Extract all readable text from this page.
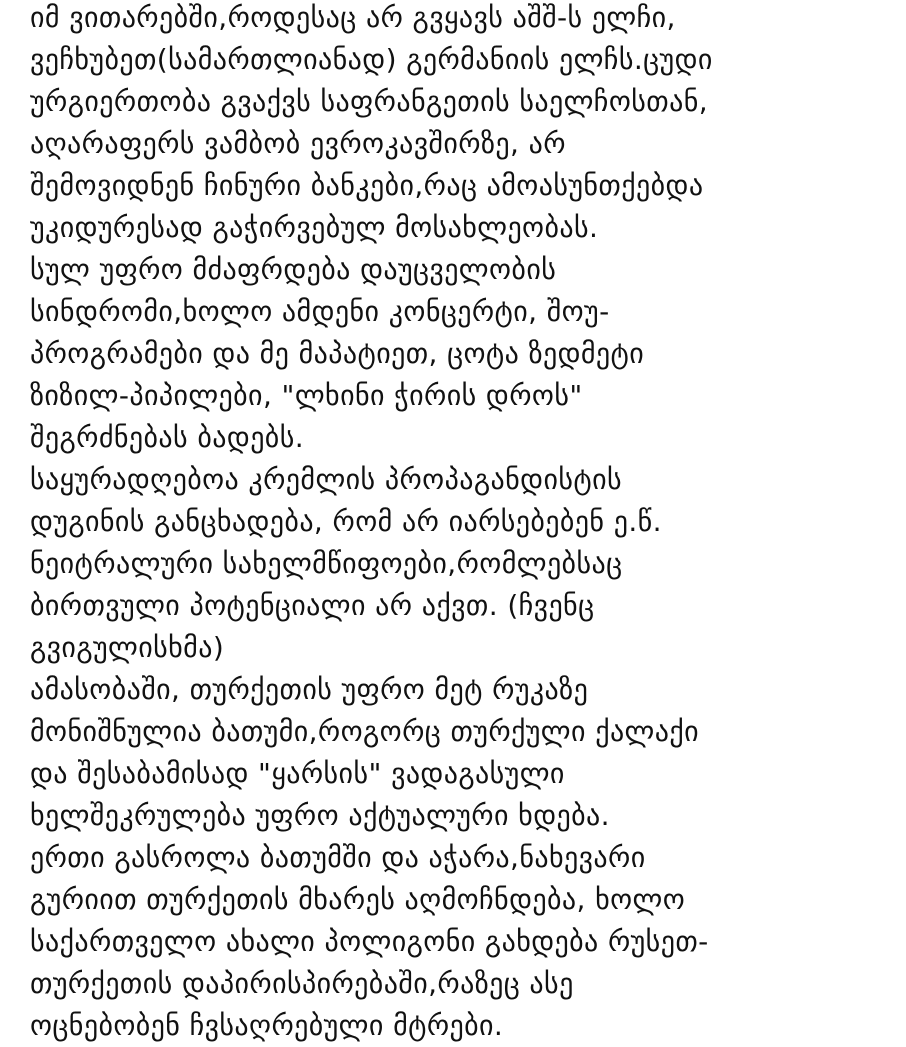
იმ ვითარებში,როდესაც არ გვყავს აშშ-ს ელჩი,
ვეჩხუბეთ(სამართლიანად) გერმანიის ელჩს.ცუდი
ურგიერთობა გვაქვს საფრანგეთის საელჩოსთან,
აღარაფერს ვამბობ ევროკავშირზე, არ
შემოვიდნენ ჩინური ბანკები,რაც ამოასუნთქებდა
უკიდურესად გაჭირვებულ მოსახლეობას.
სულ უფრო მძაფრდება დაუცველობის
სინდრომი,ხოლო ამდენი კონცერტი, შოუ-
პროგრამები და მე მაპატიეთ, ცოტა ზედმეტი
ზიზილ-პიპილები, "ლხინი ჭირის დროს"
შეგრძნებას ბადებს.
საყურადღებოა კრემლის პროპაგანდისტის
დუგინის განცხადება, რომ არ იარსებებენ ე.წ.
ნეიტრალური სახელმწიფოები,რომლებსაც
ბირთვული პოტენციალი არ აქვთ. (ჩვენც
გვიგულისხმა)
ამასობაში, თურქეთის უფრო მეტ რუკაზე
მონიშნულია ბათუმი,როგორც თურქული ქალაქი
და შესაბამისად "ყარსის" ვადაგასული
ხელშეკრულება უფრო აქტუალური ხდება.
ერთი გასროლა ბათუმში და აჭარა,ნახევარი
გურიით თურქეთის მხარეს აღმოჩნდება, ხოლო
საქართველო ახალი პოლიგონი გახდება რუსეთ-
თურქეთის დაპირისპირებაში,რაზეც ასე
ოცნებობენ ჩვსაღრებული მტრები.
